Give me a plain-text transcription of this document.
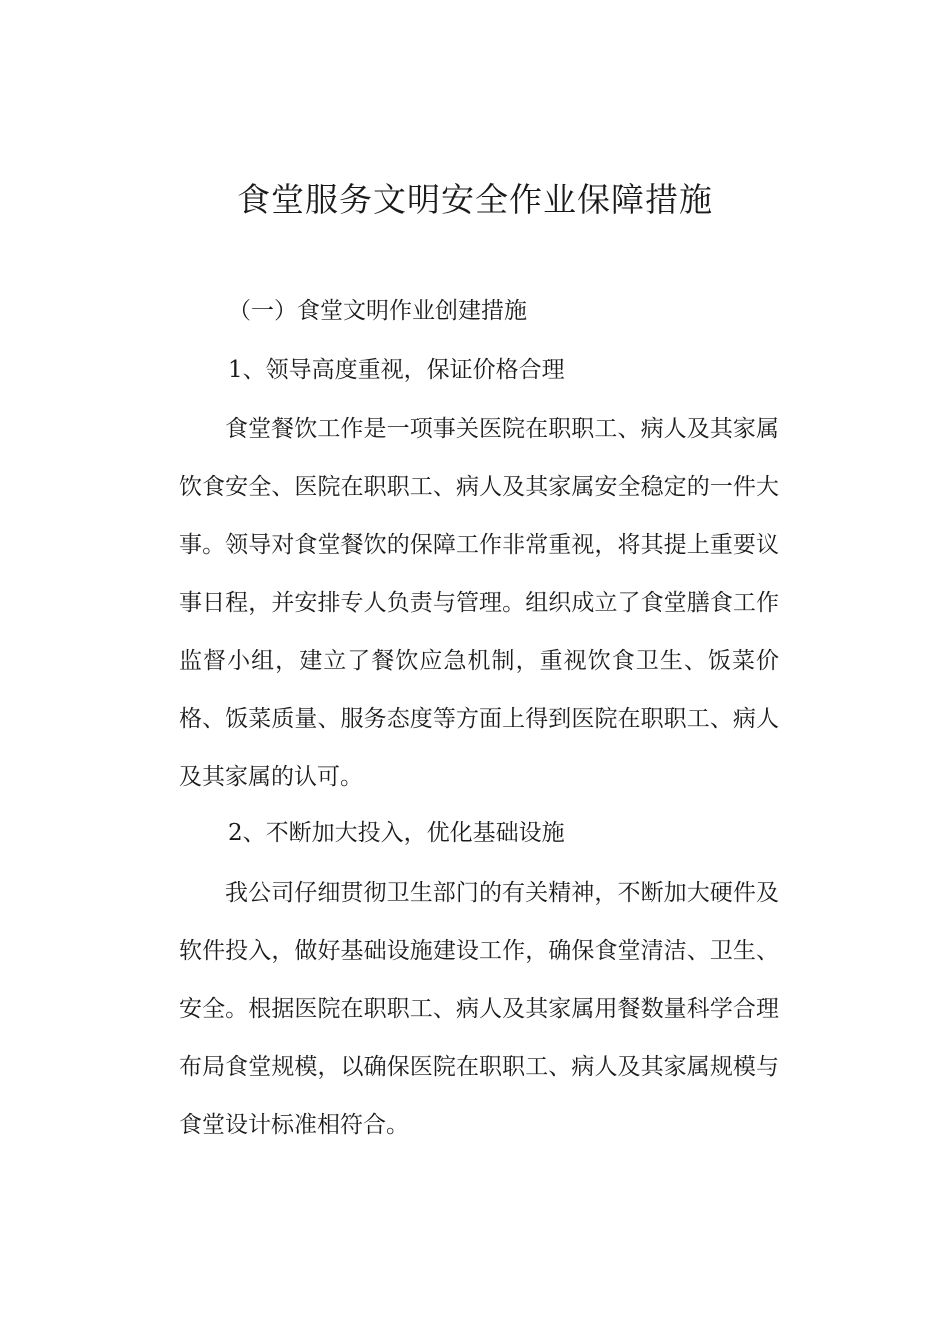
食堂服务文明安全作业保障措施
（一）食堂文明作业创建措施
1、领导高度重视，保证价格合理

食堂餐饮工作是一项事关医院在职职工、病人及其家属饮食安全、医院在职职工、病人及其家属安全稳定的一件大事。领导对食堂餐饮的保障工作非常重视，将其提上重要议事日程，并安排专人负责与管理。组织成立了食堂膳食工作监督小组，建立了餐饮应急机制，重视饮食卫生、饭菜价格、饭菜质量、服务态度等方面上得到医院在职职工、病人及其家属的认可。

2、不断加大投入，优化基础设施

我公司仔细贯彻卫生部门的有关精神，不断加大硬件及软件投入，做好基础设施建设工作，确保食堂清洁、卫生、安全。根据医院在职职工、病人及其家属用餐数量科学合理布局食堂规模，以确保医院在职职工、病人及其家属规模与食堂设计标准相符合。
